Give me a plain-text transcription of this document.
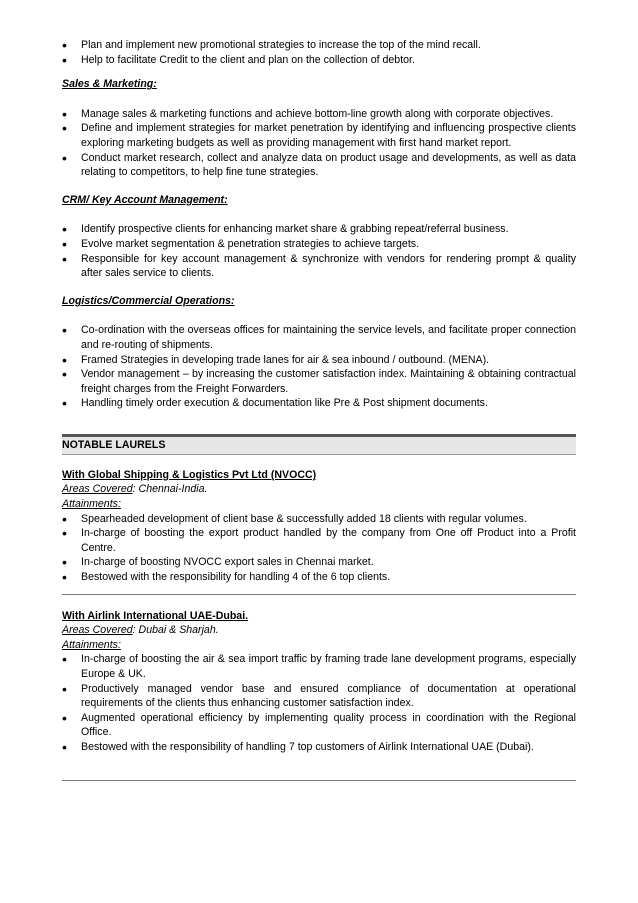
• Plan and implement new promotional strategies to increase the top of the mind recall.
• Help to facilitate Credit to the client and plan on the collection of debtor.
Sales & Marketing:
• Manage sales & marketing functions and achieve bottom-line growth along with corporate objectives.
• Define and implement strategies for market penetration by identifying and influencing prospective clients exploring marketing budgets as well as providing management with first hand market report.
• Conduct market research, collect and analyze data on product usage and developments, as well as data relating to competitors, to help fine tune strategies.
CRM/ Key Account Management:
• Identify prospective clients for enhancing market share & grabbing repeat/referral business.
• Evolve market segmentation & penetration strategies to achieve targets.
• Responsible for key account management & synchronize with vendors for rendering prompt & quality after sales service to clients.
Logistics/Commercial Operations:
• Co-ordination with the overseas offices for maintaining the service levels, and facilitate proper connection and re-routing of shipments.
• Framed Strategies in developing trade lanes for air & sea inbound / outbound. (MENA).
• Vendor management – by increasing the customer satisfaction index. Maintaining & obtaining contractual freight charges from the Freight Forwarders.
• Handling timely order execution & documentation like Pre & Post shipment documents.
NOTABLE LAURELS
With Global Shipping & Logistics Pvt Ltd (NVOCC)
Areas Covered: Chennai-India.
Attainments:
• Spearheaded development of client base & successfully added 18 clients with regular volumes.
• In-charge of boosting the export product handled by the company from One off Product into a Profit Centre.
• In-charge of boosting NVOCC export sales in Chennai market.
• Bestowed with the responsibility for handling 4 of the 6 top clients.
With Airlink International UAE-Dubai.
Areas Covered: Dubai & Sharjah.
Attainments:
• In-charge of boosting the air & sea import traffic by framing trade lane development programs, especially Europe & UK.
• Productively managed vendor base and ensured compliance of documentation at operational requirements of the clients thus enhancing customer satisfaction index.
• Augmented operational efficiency by implementing quality process in coordination with the Regional Office.
• Bestowed with the responsibility of handling 7 top customers of Airlink International UAE (Dubai).
